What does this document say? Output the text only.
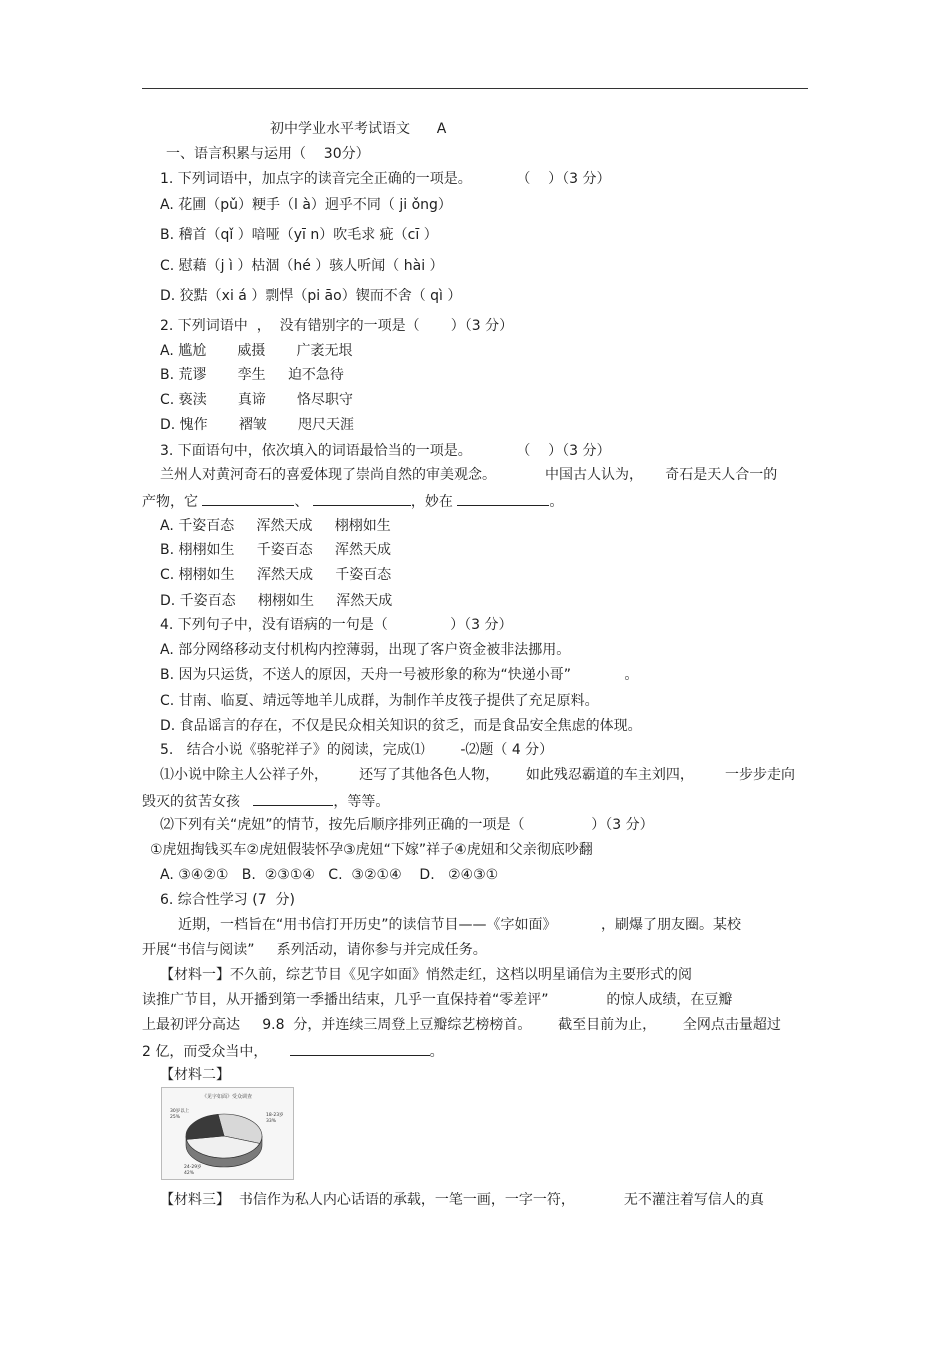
初中学业水平考试语文 A
一、语言积累与运用（    30分）
1. 下列词语中，加点字的读音完全正确的一项是。	（    ）（3 分）
A. 花圃（pǔ）粳手（l à）迥乎不同（ ji ǒng）
B. 稽首（qǐ ）喑哑（yī n）吹毛求 疵（cī ）
C. 慰藉（j ì ）枯涸（hé ）骇人听闻（ hài ）
D. 狡黠（xi á ）剽悍（pi āo）锲而不舍（ qì ）
2. 下列词语中  ，  没有错别字的一项是（       ）（3 分）
A. 尴尬 威摄 广袤无垠
B. 荒谬 孪生 迫不急待
C. 亵渎 真谛 恪尽职守
D. 愧作 褶皱 咫尺天涯
3. 下面语句中，依次填入的词语最恰当的一项是。	（    ）（3 分）
兰州人对黄河奇石的喜爱体现了崇尚自然的审美观念。	中国古人认为， 奇石是天人合一的
产物，它	、	，妙在	。
A. 千姿百态 浑然天成 栩栩如生
B. 栩栩如生 千姿百态 浑然天成
C. 栩栩如生 浑然天成 千姿百态
D. 千姿百态 栩栩如生 浑然天成
4. 下列句子中，没有语病的一句是（	）（3 分）
A. 部分网络移动支付机构内控薄弱，出现了客户资金被非法挪用。
B. 因为只运货，不送人的原因，天舟一号被形象的称为“快递小哥”	。
C. 甘南、临夏、靖远等地羊儿成群，为制作羊皮筏子提供了充足原料。
D. 食品谣言的存在，不仅是民众相关知识的贫乏，而是食品安全焦虑的体现。
5.   结合小说《骆驼祥子》的阅读，完成⑴	-⑵题（ 4 分）
⑴小说中除主人公祥子外， 还写了其他各色人物， 如此残忍霸道的车主刘四， 一步步走向
毁灭的贫苦女孩	，等等。
⑵下列有关“虎妞”的情节，按先后顺序排列正确的一项是（	）（3 分）
①虎妞掏钱买车②虎妞假装怀孕③虎妞“下嫁”祥子④虎妞和父亲彻底吵翻
A. ③④②①   B.  ②③①④   C.  ③②①④    D.   ②④③①
6. 综合性学习 (7  分)
近期，一档旨在“用书信打开历史”的读信节目——《字如面》	，刷爆了朋友圈。某校
开展“书信与阅读”     系列活动，请你参与并完成任务。
【材料一】不久前，综艺节目《见字如面》悄然走红，这档以明星诵信为主要形式的阅
读推广节目，从开播到第一季播出结束，几乎一直保持着“零差评”	的惊人成绩，在豆瓣
上最初评分高达     9.8  分，并连续三周登上豆瓣综艺榜榜首。 截至目前为止， 全网点击量超过
2 亿，而受众当中，	。
【材料二】
《见字如面》受众调查
18-23岁
33%
24-29岁
42%
30岁以上
25%
【材料三】  书信作为私人内心话语的承载，一笔一画，一字一符，	无不灌注着写信人的真
